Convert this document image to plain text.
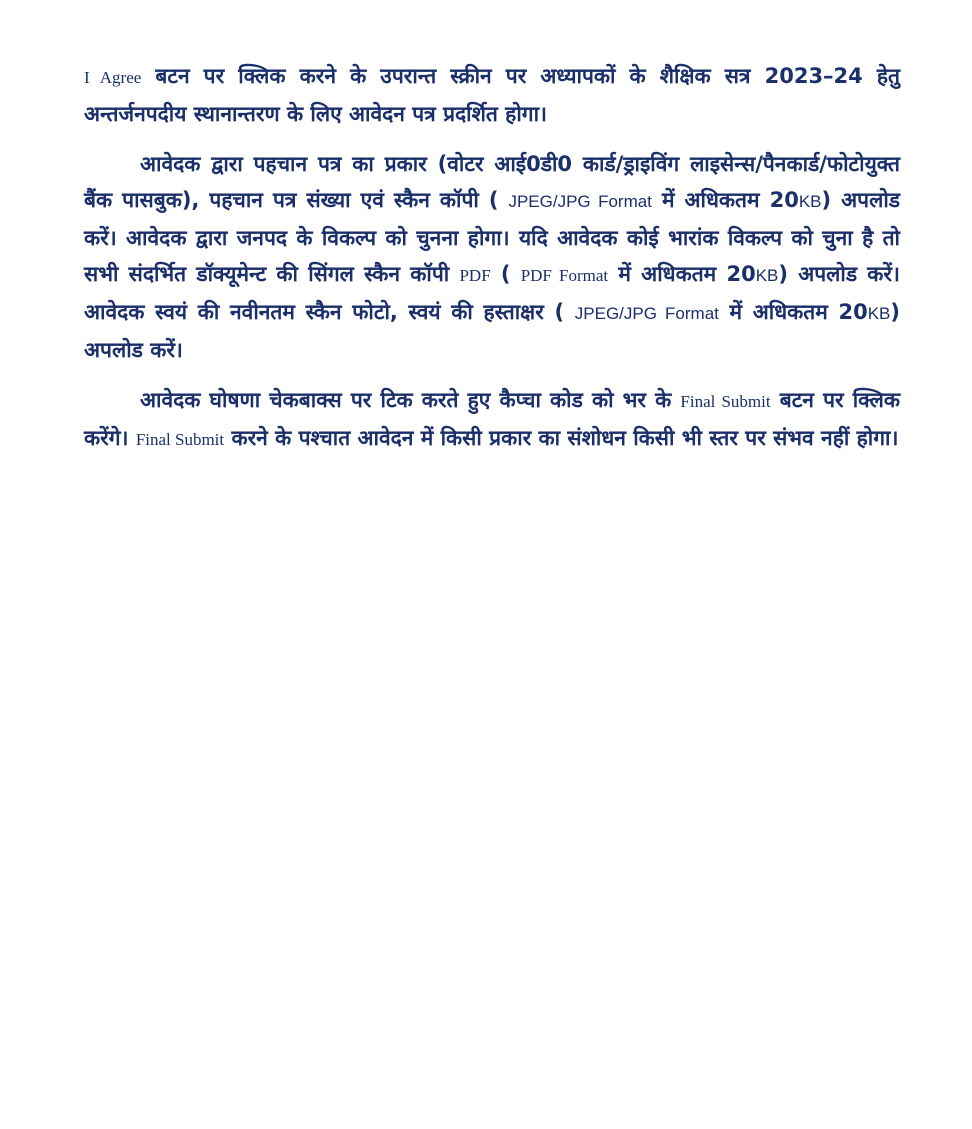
I Agree बटन पर क्लिक करने के उपरान्त स्क्रीन पर अध्यापकों के शैक्षिक सत्र 2023–24 हेतु अन्तर्जनपदीय स्थानान्तरण के लिए आवेदन पत्र प्रदर्शित होगा।

आवेदक द्वारा पहचान पत्र का प्रकार (वोटर आई0डी0 कार्ड/ड्राइविंग लाइसेन्स/पैनकार्ड/फोटोयुक्त बैंक पासबुक), पहचान पत्र संख्या एवं स्कैन कॉपी ( JPEG/JPG Format में अधिकतम 20KB) अपलोड करें। आवेदक द्वारा जनपद के विकल्प को चुनना होगा। यदि आवेदक कोई भारांक विकल्प को चुना है तो सभी संदर्भित डॉक्यूमेन्ट की सिंगल स्कैन कॉपी PDF ( PDF Format में अधिकतम 20KB) अपलोड करें। आवेदक स्वयं की नवीनतम स्कैन फोटो, स्वयं की हस्ताक्षर ( JPEG/JPG Format में अधिकतम 20KB) अपलोड करें।

आवेदक घोषणा चेकबाक्स पर टिक करते हुए कैप्चा कोड को भर के Final Submit बटन पर क्लिक करेंगे। Final Submit करने के पश्चात आवेदन में किसी प्रकार का संशोधन किसी भी स्तर पर संभव नहीं होगा।
